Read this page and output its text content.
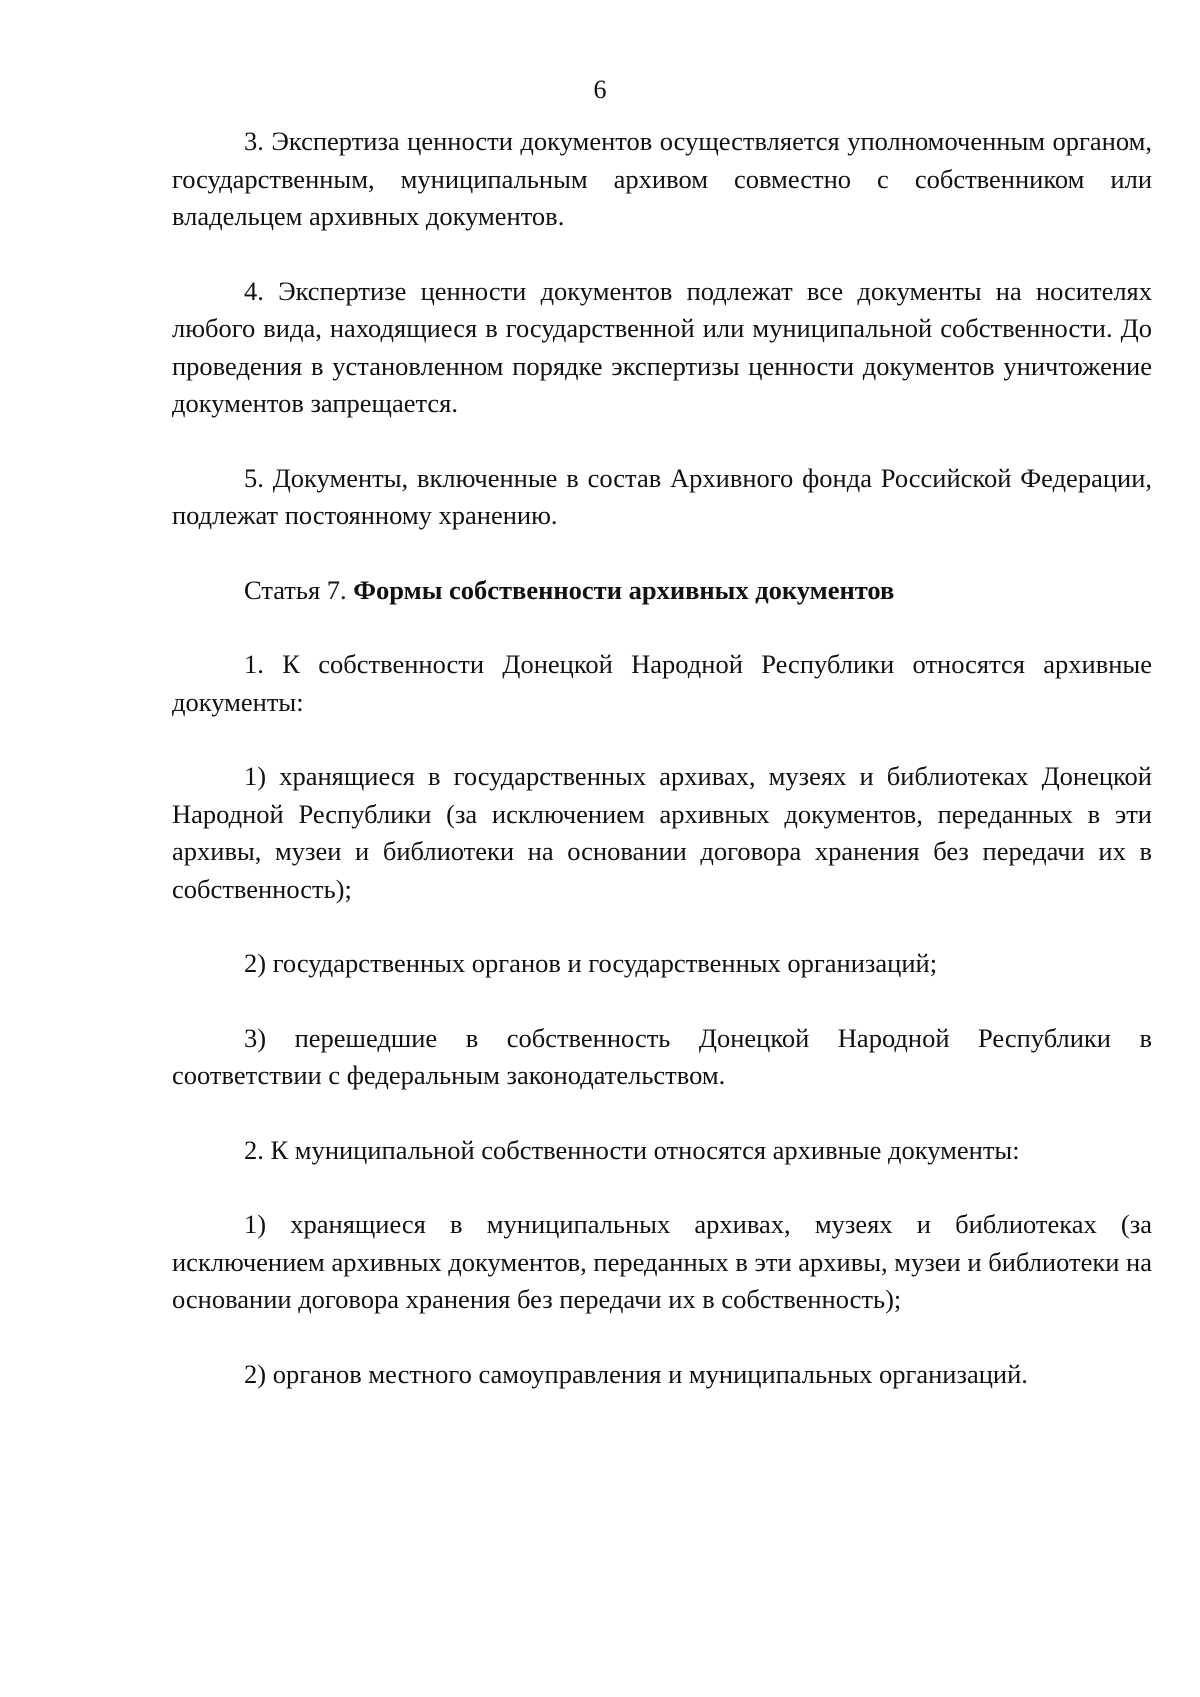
6

3. Экспертиза ценности документов осуществляется уполномоченным органом, государственным, муниципальным архивом совместно с собственником или владельцем архивных документов.

4. Экспертизе ценности документов подлежат все документы на носителях любого вида, находящиеся в государственной или муниципальной собственности. До проведения в установленном порядке экспертизы ценности документов уничтожение документов запрещается.

5. Документы, включенные в состав Архивного фонда Российской Федерации, подлежат постоянному хранению.

Статья 7. Формы собственности архивных документов

1. К собственности Донецкой Народной Республики относятся архивные документы:

1) хранящиеся в государственных архивах, музеях и библиотеках Донецкой Народной Республики (за исключением архивных документов, переданных в эти архивы, музеи и библиотеки на основании договора хранения без передачи их в собственность);

2) государственных органов и государственных организаций;

3) перешедшие в собственность Донецкой Народной Республики в соответствии с федеральным законодательством.

2. К муниципальной собственности относятся архивные документы:

1) хранящиеся в муниципальных архивах, музеях и библиотеках (за исключением архивных документов, переданных в эти архивы, музеи и библиотеки на основании договора хранения без передачи их в собственность);

2) органов местного самоуправления и муниципальных организаций.
